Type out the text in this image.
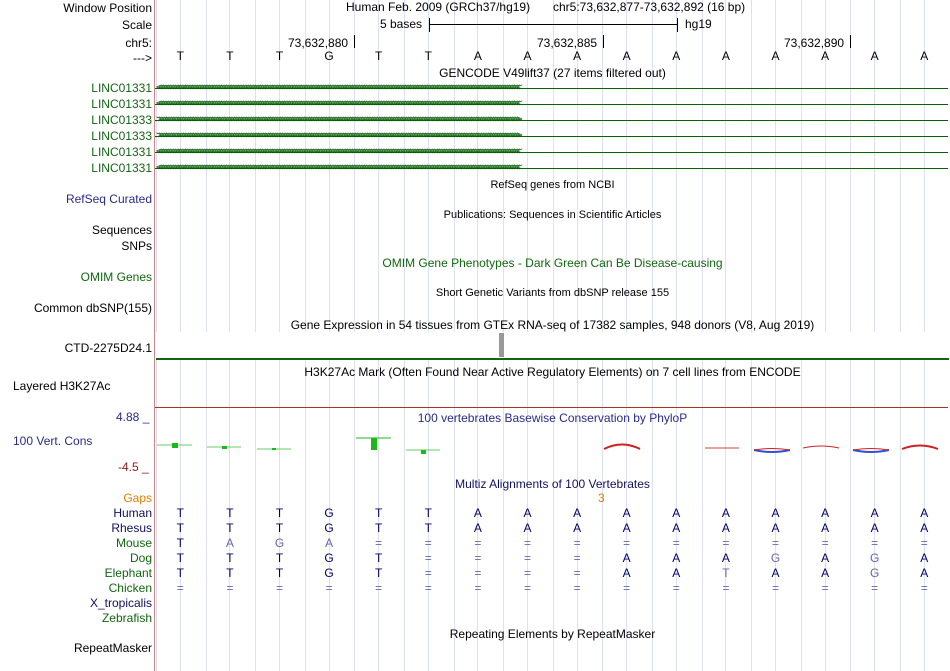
Window Position	Human Feb. 2009 (GRCh37/hg19) chr5:73,632,877-73,632,892 (16 bp)
Scale	5 bases	hg19
chr5:	73,632,880	73,632,885	73,632,890
--->	T	T	T	G	T	T	A	A	A	A	A	A	A	A	A	A
GENCODE V49lift37 (27 items filtered out)
LINC01331 <<<<<<<<<<<<<<<<<<<<<<<<<<<<<<<<<<<<<<<<<<<<<<<<<<<<<<<<<<<<<<<<<<<<<<<<<<<<<<<<<<<<<<<<<<<<<<<<<<<<<<<<<<<<<<<<<<<<<<<<<<<<<<<<<<<<<<<<<<<<<<<<<<<<<<
LINC01331 <<<<<<<<<<<<<<<<<<<<<<<<<<<<<<<<<<<<<<<<<<<<<<<<<<<<<<<<<<<<<<<<<<<<<<<<<<<<<<<<<<<<<<<<<<<<<<<<<<<<<<<<<<<<<<<<<<<<<<<<<<<<<<<<<<<<<<<<<<<<<<<<<<<<<<
LINC01333 >>>>>>>>>>>>>>>>>>>>>>>>>>>>>>>>>>>>>>>>>>>>>>>>>>>>>>>>>>>>>>>>>>>>>>>>>>>>>>>>>>>>>>>>>>>>>>>>>>>>>>>>>>>>>>>>>>>>>>>>>>>>>>>>>>>>>>>>>>>>>>>>>>>>>>
LINC01333 >>>>>>>>>>>>>>>>>>>>>>>>>>>>>>>>>>>>>>>>>>>>>>>>>>>>>>>>>>>>>>>>>>>>>>>>>>>>>>>>>>>>>>>>>>>>>>>>>>>>>>>>>>>>>>>>>>>>>>>>>>>>>>>>>>>>>>>>>>>>>>>>>>>>>>
LINC01331 <<<<<<<<<<<<<<<<<<<<<<<<<<<<<<<<<<<<<<<<<<<<<<<<<<<<<<<<<<<<<<<<<<<<<<<<<<<<<<<<<<<<<<<<<<<<<<<<<<<<<<<<<<<<<<<<<<<<<<<<<<<<<<<<<<<<<<<<<<<<<<<<<<<<<<
LINC01331 <<<<<<<<<<<<<<<<<<<<<<<<<<<<<<<<<<<<<<<<<<<<<<<<<<<<<<<<<<<<<<<<<<<<<<<<<<<<<<<<<<<<<<<<<<<<<<<<<<<<<<<<<<<<<<<<<<<<<<<<<<<<<<<<<<<<<<<<<<<<<<<<<<<<<<
RefSeq genes from NCBI
RefSeq Curated
Publications: Sequences in Scientific Articles
Sequences
SNPs
OMIM Gene Phenotypes - Dark Green Can Be Disease-causing
OMIM Genes
Short Genetic Variants from dbSNP release 155
Common dbSNP(155)
Gene Expression in 54 tissues from GTEx RNA-seq of 17382 samples, 948 donors (V8, Aug 2019)
CTD-2275D24.1
H3K27Ac Mark (Often Found Near Active Regulatory Elements) on 7 cell lines from ENCODE
Layered H3K27Ac
100 vertebrates Basewise Conservation by PhyloP
4.88 _
100 Vert. Cons
-4.5 _
Multiz Alignments of 100 Vertebrates
Gaps	3
Human	T	T	T	G	T	T	A	A	A	A	A	A	A	A	A	A
Rhesus	T	T	T	G	T	T	A	A	A	A	A	A	A	A	A	A
Mouse	T	A	G	A	=	=	=	=	=	=	=	=	=	=	=	=
Dog	T	T	T	G	T	=	=	=	=	A	A	A	G	A	G	A
Elephant	T	T	T	G	T	=	=	=	=	A	A	T	A	A	G	A
Chicken	=	=	=	=	=	=	=	=	=	=	=	=	=	=	=	=
X_tropicalis
Zebrafish
Repeating Elements by RepeatMasker
RepeatMasker
